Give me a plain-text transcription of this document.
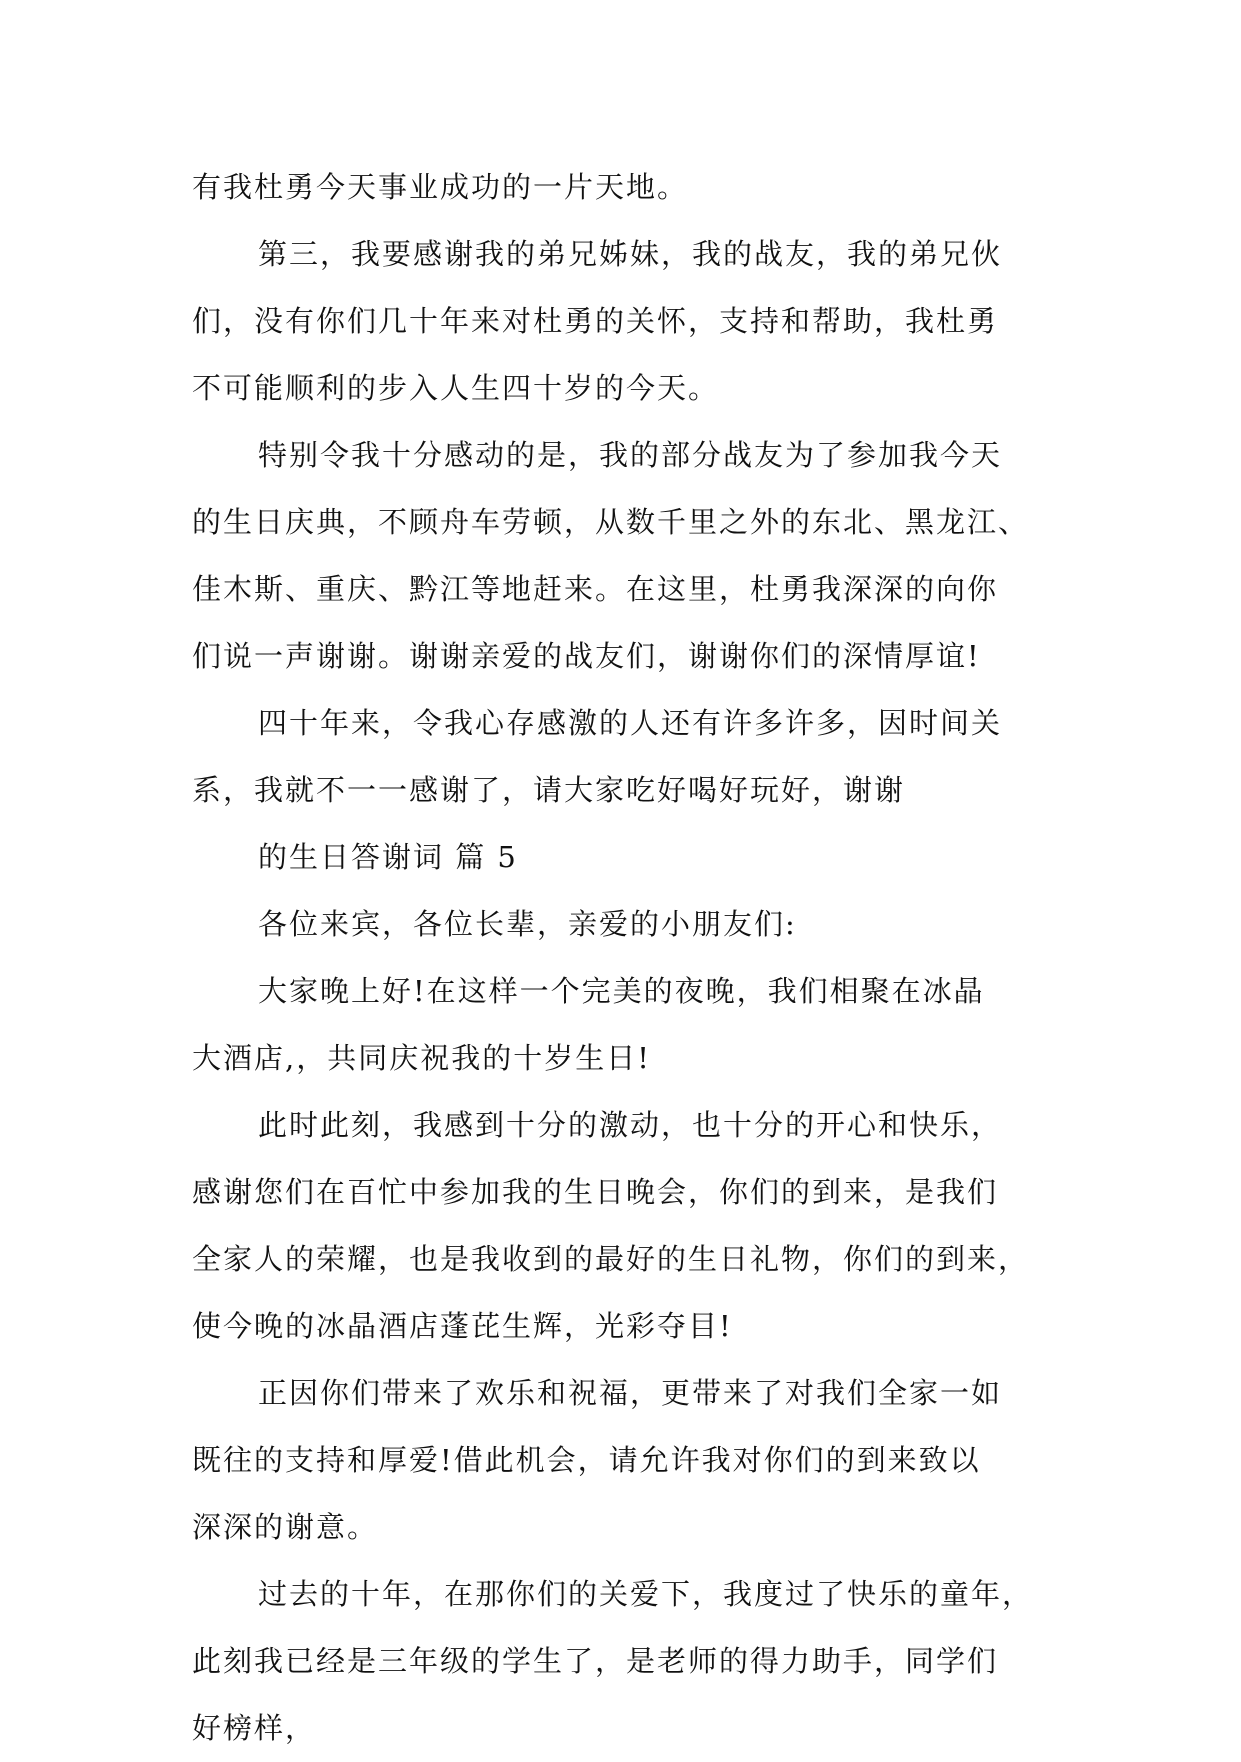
有我杜勇今天事业成功的一片天地。
第三，我要感谢我的弟兄姊妹，我的战友，我的弟兄伙
们，没有你们几十年来对杜勇的关怀，支持和帮助，我杜勇
不可能顺利的步入人生四十岁的今天。
特别令我十分感动的是，我的部分战友为了参加我今天
的生日庆典，不顾舟车劳顿，从数千里之外的东北、黑龙江、
佳木斯、重庆、黔江等地赶来。在这里，杜勇我深深的向你
们说一声谢谢。谢谢亲爱的战友们，谢谢你们的深情厚谊!
四十年来，令我心存感激的人还有许多许多，因时间关
系，我就不一一感谢了，请大家吃好喝好玩好，谢谢
的生日答谢词 篇 5
各位来宾，各位长辈，亲爱的小朋友们:
大家晚上好!在这样一个完美的夜晚，我们相聚在冰晶
大酒店,，共同庆祝我的十岁生日!
此时此刻，我感到十分的激动，也十分的开心和快乐，
感谢您们在百忙中参加我的生日晚会，你们的到来，是我们
全家人的荣耀，也是我收到的最好的生日礼物，你们的到来，
使今晚的冰晶酒店蓬芘生辉，光彩夺目!
正因你们带来了欢乐和祝福，更带来了对我们全家一如
既往的支持和厚爱!借此机会，请允许我对你们的到来致以
深深的谢意。
过去的十年，在那你们的关爱下，我度过了快乐的童年，
此刻我已经是三年级的学生了，是老师的得力助手，同学们
好榜样，
